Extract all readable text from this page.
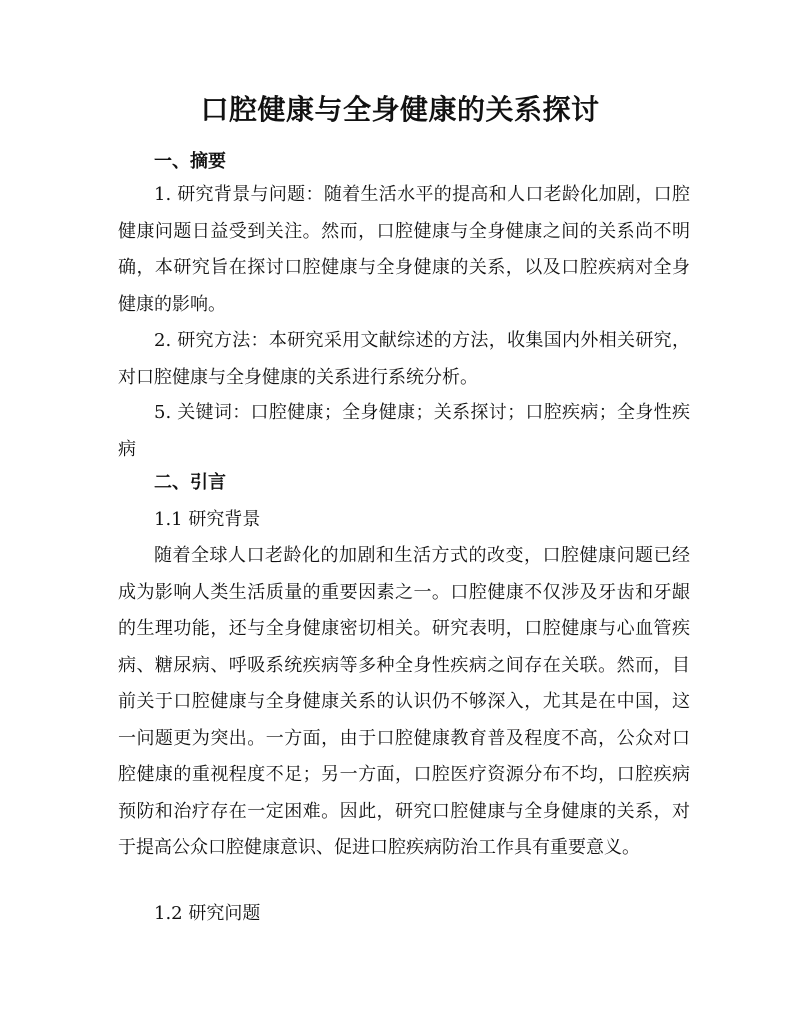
口腔健康与全身健康的关系探讨
一、摘要
1. 研究背景与问题：随着生活水平的提高和人口老龄化加剧，口腔健康问题日益受到关注。然而，口腔健康与全身健康之间的关系尚不明确，本研究旨在探讨口腔健康与全身健康的关系，以及口腔疾病对全身健康的影响。
2. 研究方法：本研究采用文献综述的方法，收集国内外相关研究，对口腔健康与全身健康的关系进行系统分析。
5. 关键词：口腔健康；全身健康；关系探讨；口腔疾病；全身性疾病
二、引言
1.1 研究背景
随着全球人口老龄化的加剧和生活方式的改变，口腔健康问题已经成为影响人类生活质量的重要因素之一。口腔健康不仅涉及牙齿和牙龈的生理功能，还与全身健康密切相关。研究表明，口腔健康与心血管疾病、糖尿病、呼吸系统疾病等多种全身性疾病之间存在关联。然而，目前关于口腔健康与全身健康关系的认识仍不够深入，尤其是在中国，这一问题更为突出。一方面，由于口腔健康教育普及程度不高，公众对口腔健康的重视程度不足；另一方面，口腔医疗资源分布不均，口腔疾病预防和治疗存在一定困难。因此，研究口腔健康与全身健康的关系，对于提高公众口腔健康意识、促进口腔疾病防治工作具有重要意义。
1.2 研究问题
